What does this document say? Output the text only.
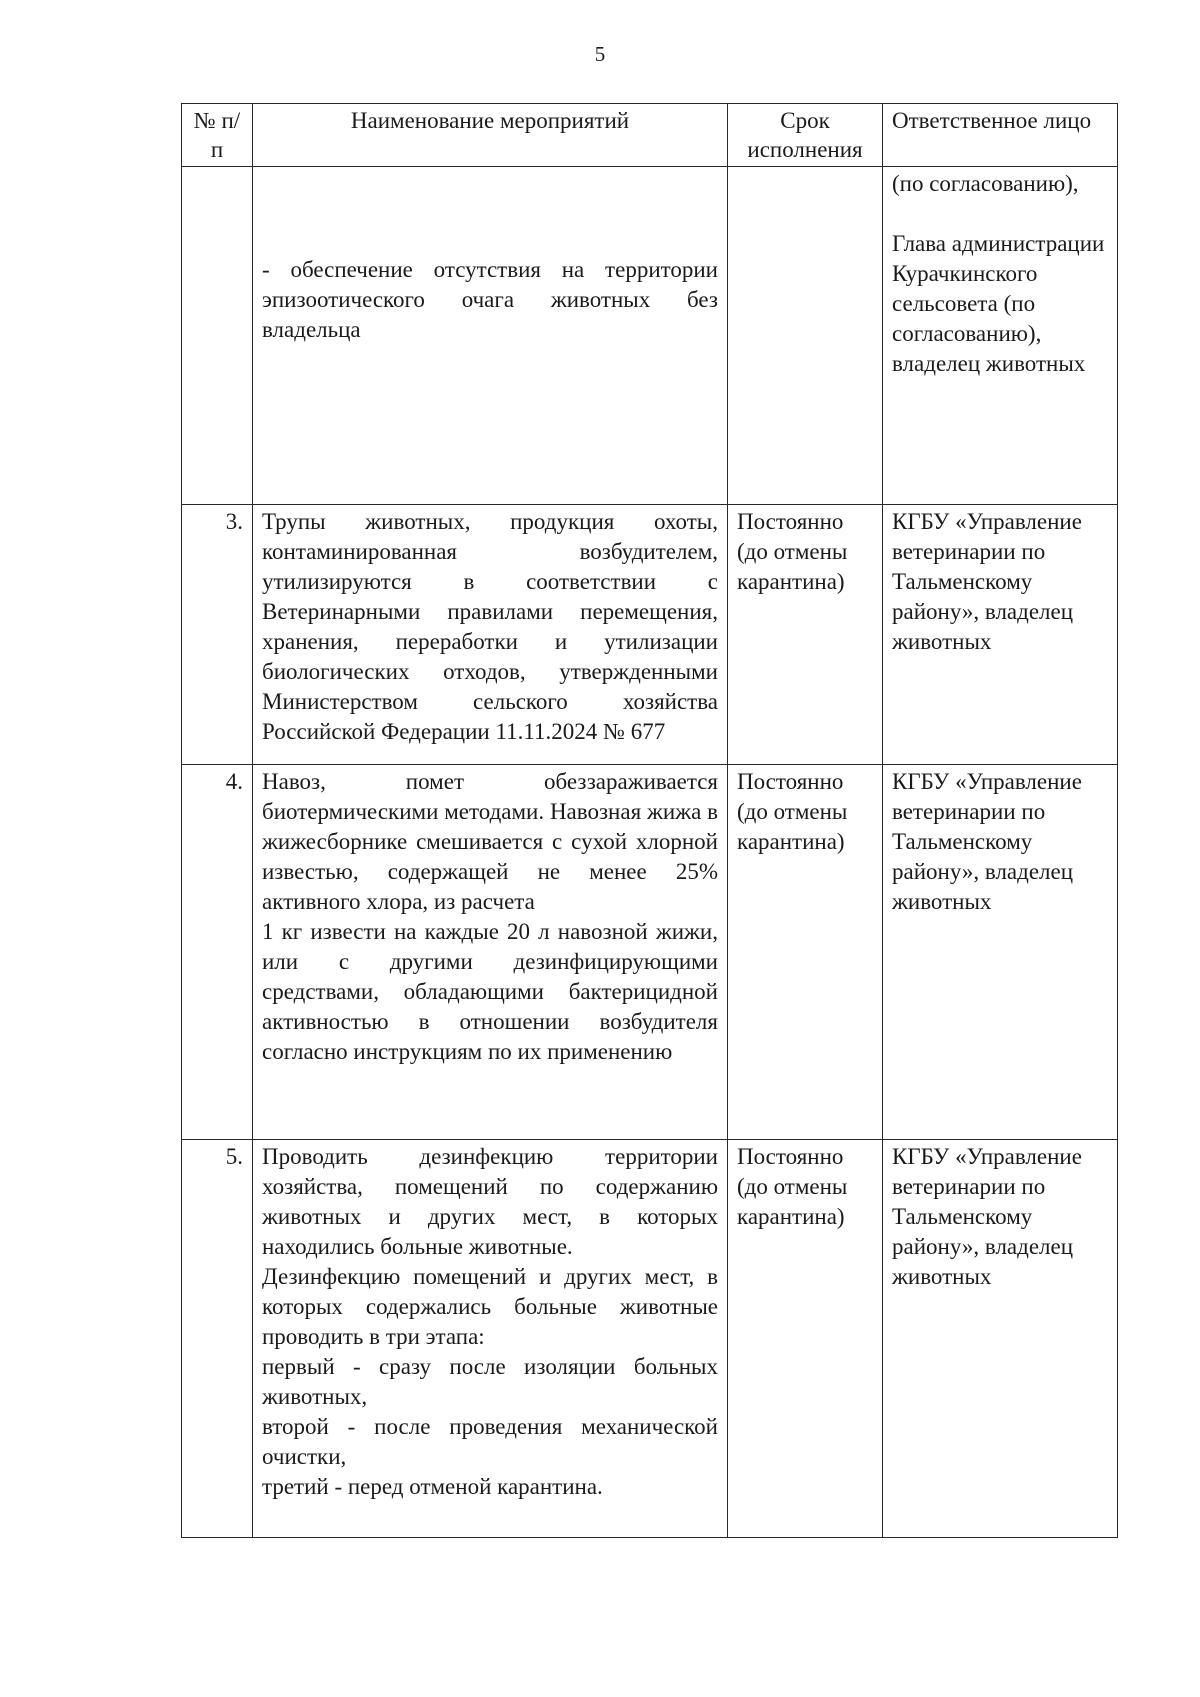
5
№ п/п	Наименование мероприятий	Срок исполнения	Ответственное лицо

	- обеспечение отсутствия на территории эпизоотического очага животных без владельца		(по согласованию),
Глава администрации Курачкинского сельсовета (по согласованию), владелец животных

3.	Трупы животных, продукция охоты, контаминированная возбудителем, утилизируются в соответствии с Ветеринарными правилами перемещения, хранения, переработки и утилизации биологических отходов, утвержденными Министерством сельского хозяйства Российской Федерации 11.11.2024 № 677	Постоянно (до отмены карантина)	КГБУ «Управление ветеринарии по Тальменскому району», владелец животных
4.	Навоз, помет обеззараживается биотермическими методами. Навозная жижа в жижесборнике смешивается с сухой хлорной известью, содержащей не менее 25% активного хлора, из расчета
1 кг извести на каждые 20 л навозной жижи, или с другими дезинфицирующими средствами, обладающими бактерицидной активностью в отношении возбудителя согласно инструкциям по их применению	Постоянно (до отмены карантина)	КГБУ «Управление ветеринарии по Тальменскому району», владелец животных
5.	Проводить дезинфекцию территории хозяйства, помещений по содержанию животных и других мест, в которых находились больные животные.
Дезинфекцию помещений и других мест, в которых содержались больные животные проводить в три этапа:
первый - сразу после изоляции больных животных,
второй - после проведения механической очистки,
третий - перед отменой карантина.	Постоянно (до отмены карантина)	КГБУ «Управление ветеринарии по Тальменскому району», владелец животных
